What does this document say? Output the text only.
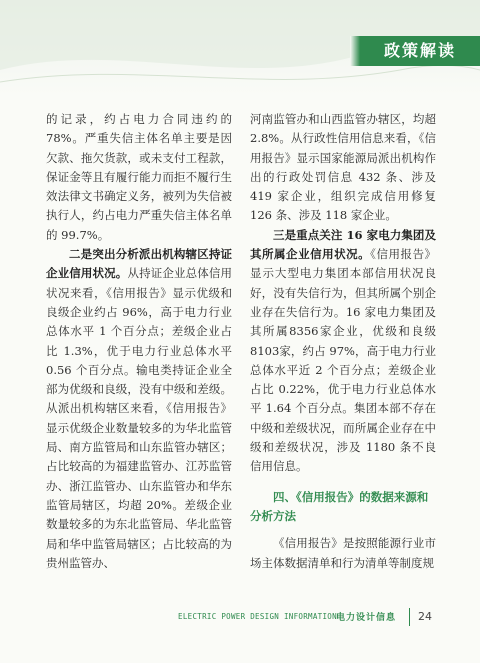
政策解读

的记录，约占电力合同违约的 78%。严重失信主体名单主要是因欠款、拖欠货款，或未支付工程款，保证金等且有履行能力而拒不履行生效法律文书确定义务，被列为失信被执行人，约占电力严重失信主体名单的 99.7%。

二是突出分析派出机构辖区持证企业信用状况。从持证企业总体信用状况来看，《信用报告》显示优级和良级企业约占 96%，高于电力行业总体水平 1 个百分点；差级企业占比 1.3%，优于电力行业总体水平 0.56 个百分点。输电类持证企业全部为优级和良级，没有中级和差级。从派出机构辖区来看，《信用报告》显示优级企业数量较多的为华北监管局、南方监管局和山东监管办辖区；占比较高的为福建监管办、江苏监管办、浙江监管办、山东监管办和华东监管局辖区，均超 20%。差级企业数量较多的为东北监管局、华北监管局和华中监管局辖区；占比较高的为贵州监管办、

河南监管办和山西监管办辖区，均超 2.8%。从行政性信用信息来看，《信用报告》显示国家能源局派出机构作出的行政处罚信息 432 条、涉及 419 家企业，组织完成信用修复 126 条、涉及 118 家企业。

三是重点关注 16 家电力集团及其所属企业信用状况。《信用报告》显示大型电力集团本部信用状况良好，没有失信行为，但其所属个别企业存在失信行为。16 家电力集团及其所属8356家企业，优级和良级8103家，约占 97%，高于电力行业总体水平近 2 个百分点；差级企业占比 0.22%，优于电力行业总体水平 1.64 个百分点。集团本部不存在中级和差级状况，而所属企业存在中级和差级状况，涉及 1180 条不良信用信息。

四、《信用报告》的数据来源和
分析方法

《信用报告》是按照能源行业市场主体数据清单和行为清单等制度规

ELECTRIC POWER DESIGN INFORMATION 电力设计信息 24
